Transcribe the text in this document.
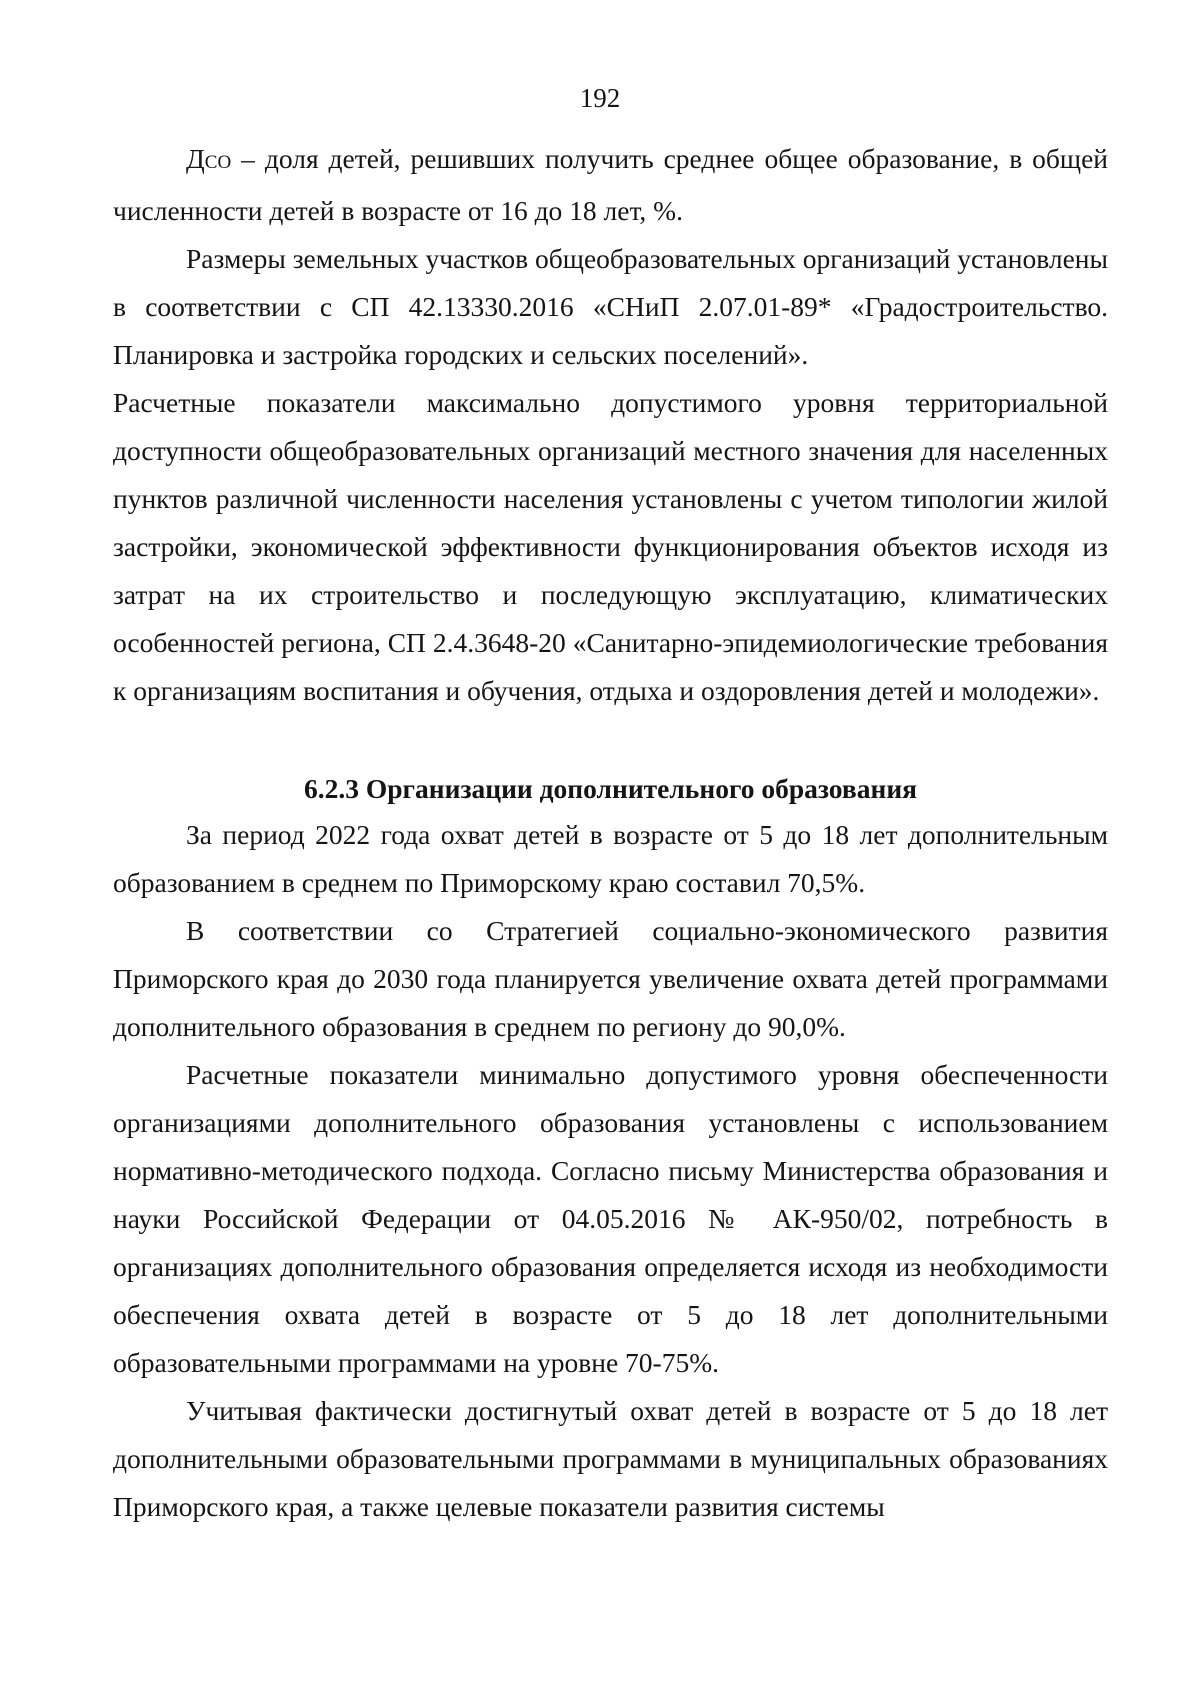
192

ДСО – доля детей, решивших получить среднее общее образование, в общей численности детей в возрасте от 16 до 18 лет, %.

Размеры земельных участков общеобразовательных организаций установлены в соответствии с СП 42.13330.2016 «СНиП 2.07.01-89* «Градостроительство. Планировка и застройка городских и сельских поселений».

Расчетные показатели максимально допустимого уровня территориальной доступности общеобразовательных организаций местного значения для населенных пунктов различной численности населения установлены с учетом типологии жилой застройки, экономической эффективности функционирования объектов исходя из затрат на их строительство и последующую эксплуатацию, климатических особенностей региона, СП 2.4.3648-20 «Санитарно-эпидемиологические требования к организациям воспитания и обучения, отдыха и оздоровления детей и молодежи».

6.2.3 Организации дополнительного образования

За период 2022 года охват детей в возрасте от 5 до 18 лет дополнительным образованием в среднем по Приморскому краю составил 70,5%.

В соответствии со Стратегией социально-экономического развития Приморского края до 2030 года планируется увеличение охвата детей программами дополнительного образования в среднем по региону до 90,0%.

Расчетные показатели минимально допустимого уровня обеспеченности организациями дополнительного образования установлены с использованием нормативно-методического подхода. Согласно письму Министерства образования и науки Российской Федерации от 04.05.2016 № АК-950/02, потребность в организациях дополнительного образования определяется исходя из необходимости обеспечения охвата детей в возрасте от 5 до 18 лет дополнительными образовательными программами на уровне 70-75%.

Учитывая фактически достигнутый охват детей в возрасте от 5 до 18 лет дополнительными образовательными программами в муниципальных образованиях Приморского края, а также целевые показатели развития системы
